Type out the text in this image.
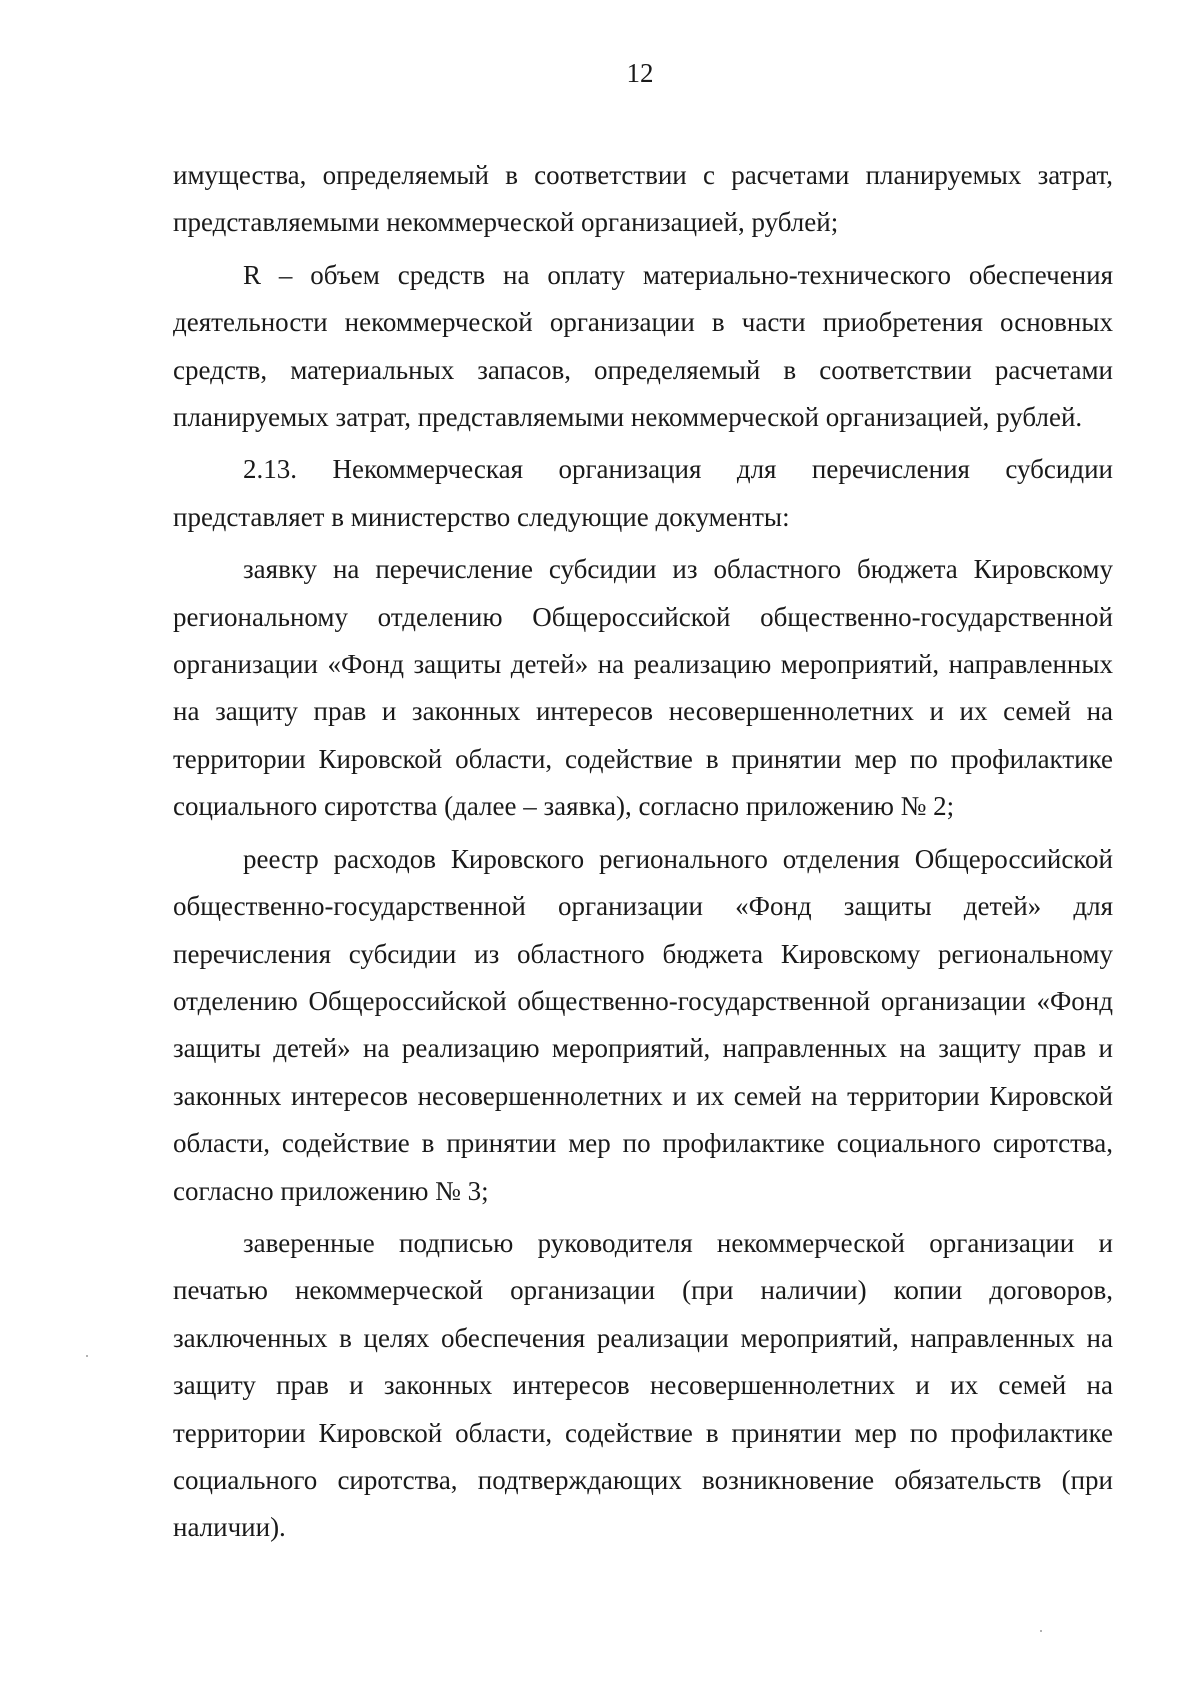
12

имущества, определяемый в соответствии с расчетами планируемых затрат, представляемыми некоммерческой организацией, рублей;

R – объем средств на оплату материально-технического обеспечения деятельности некоммерческой организации в части приобретения основных средств, материальных запасов, определяемый в соответствии расчетами планируемых затрат, представляемыми некоммерческой организацией, рублей.

2.13. Некоммерческая организация для перечисления субсидии представляет в министерство следующие документы:

заявку на перечисление субсидии из областного бюджета Кировскому региональному отделению Общероссийской общественно-государственной организации «Фонд защиты детей» на реализацию мероприятий, направленных на защиту прав и законных интересов несовершеннолетних и их семей на территории Кировской области, содействие в принятии мер по профилактике социального сиротства (далее – заявка), согласно приложению № 2;

реестр расходов Кировского регионального отделения Общероссийской общественно-государственной организации «Фонд защиты детей» для перечисления субсидии из областного бюджета Кировскому региональному отделению Общероссийской общественно-государственной организации «Фонд защиты детей» на реализацию мероприятий, направленных на защиту прав и законных интересов несовершеннолетних и их семей на территории Кировской области, содействие в принятии мер по профилактике социального сиротства, согласно приложению № 3;

заверенные подписью руководителя некоммерческой организации и печатью некоммерческой организации (при наличии) копии договоров, заключенных в целях обеспечения реализации мероприятий, направленных на защиту прав и законных интересов несовершеннолетних и их семей на территории Кировской области, содействие в принятии мер по профилактике социального сиротства, подтверждающих возникновение обязательств (при наличии).
